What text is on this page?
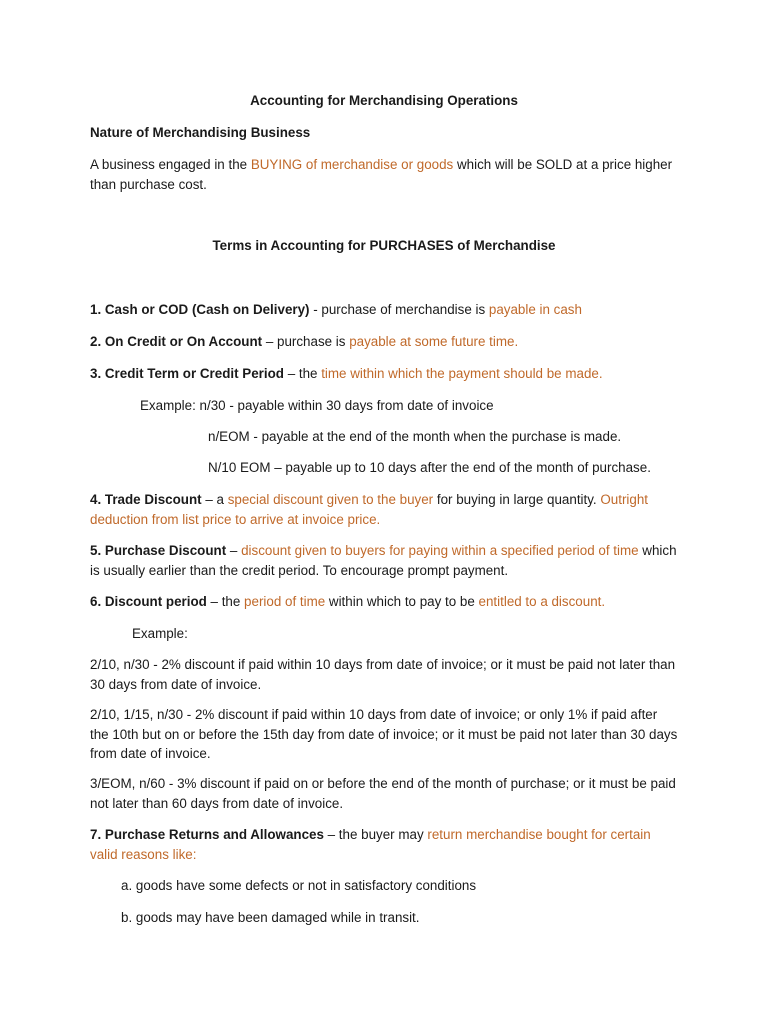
Accounting for Merchandising Operations

Nature of Merchandising Business

A business engaged in the BUYING of merchandise or goods which will be SOLD at a price higher than purchase cost.

Terms in Accounting for PURCHASES of Merchandise

1. Cash or COD (Cash on Delivery) - purchase of merchandise is payable in cash

2. On Credit or On Account – purchase is payable at some future time.

3. Credit Term or Credit Period – the time within which the payment should be made.

Example: n/30 - payable within 30 days from date of invoice

n/EOM - payable at the end of the month when the purchase is made.

N/10 EOM – payable up to 10 days after the end of the month of purchase.

4. Trade Discount – a special discount given to the buyer for buying in large quantity. Outright deduction from list price to arrive at invoice price.

5. Purchase Discount – discount given to buyers for paying within a specified period of time which is usually earlier than the credit period. To encourage prompt payment.

6. Discount period – the period of time within which to pay to be entitled to a discount.

Example:

2/10, n/30 - 2% discount if paid within 10 days from date of invoice; or it must be paid not later than 30 days from date of invoice.

2/10, 1/15, n/30 - 2% discount if paid within 10 days from date of invoice; or only 1% if paid after the 10th but on or before the 15th day from date of invoice; or it must be paid not later than 30 days from date of invoice.

3/EOM, n/60 - 3% discount if paid on or before the end of the month of purchase; or it must be paid not later than 60 days from date of invoice.

7. Purchase Returns and Allowances – the buyer may return merchandise bought for certain valid reasons like:

a. goods have some defects or not in satisfactory conditions

b. goods may have been damaged while in transit.
